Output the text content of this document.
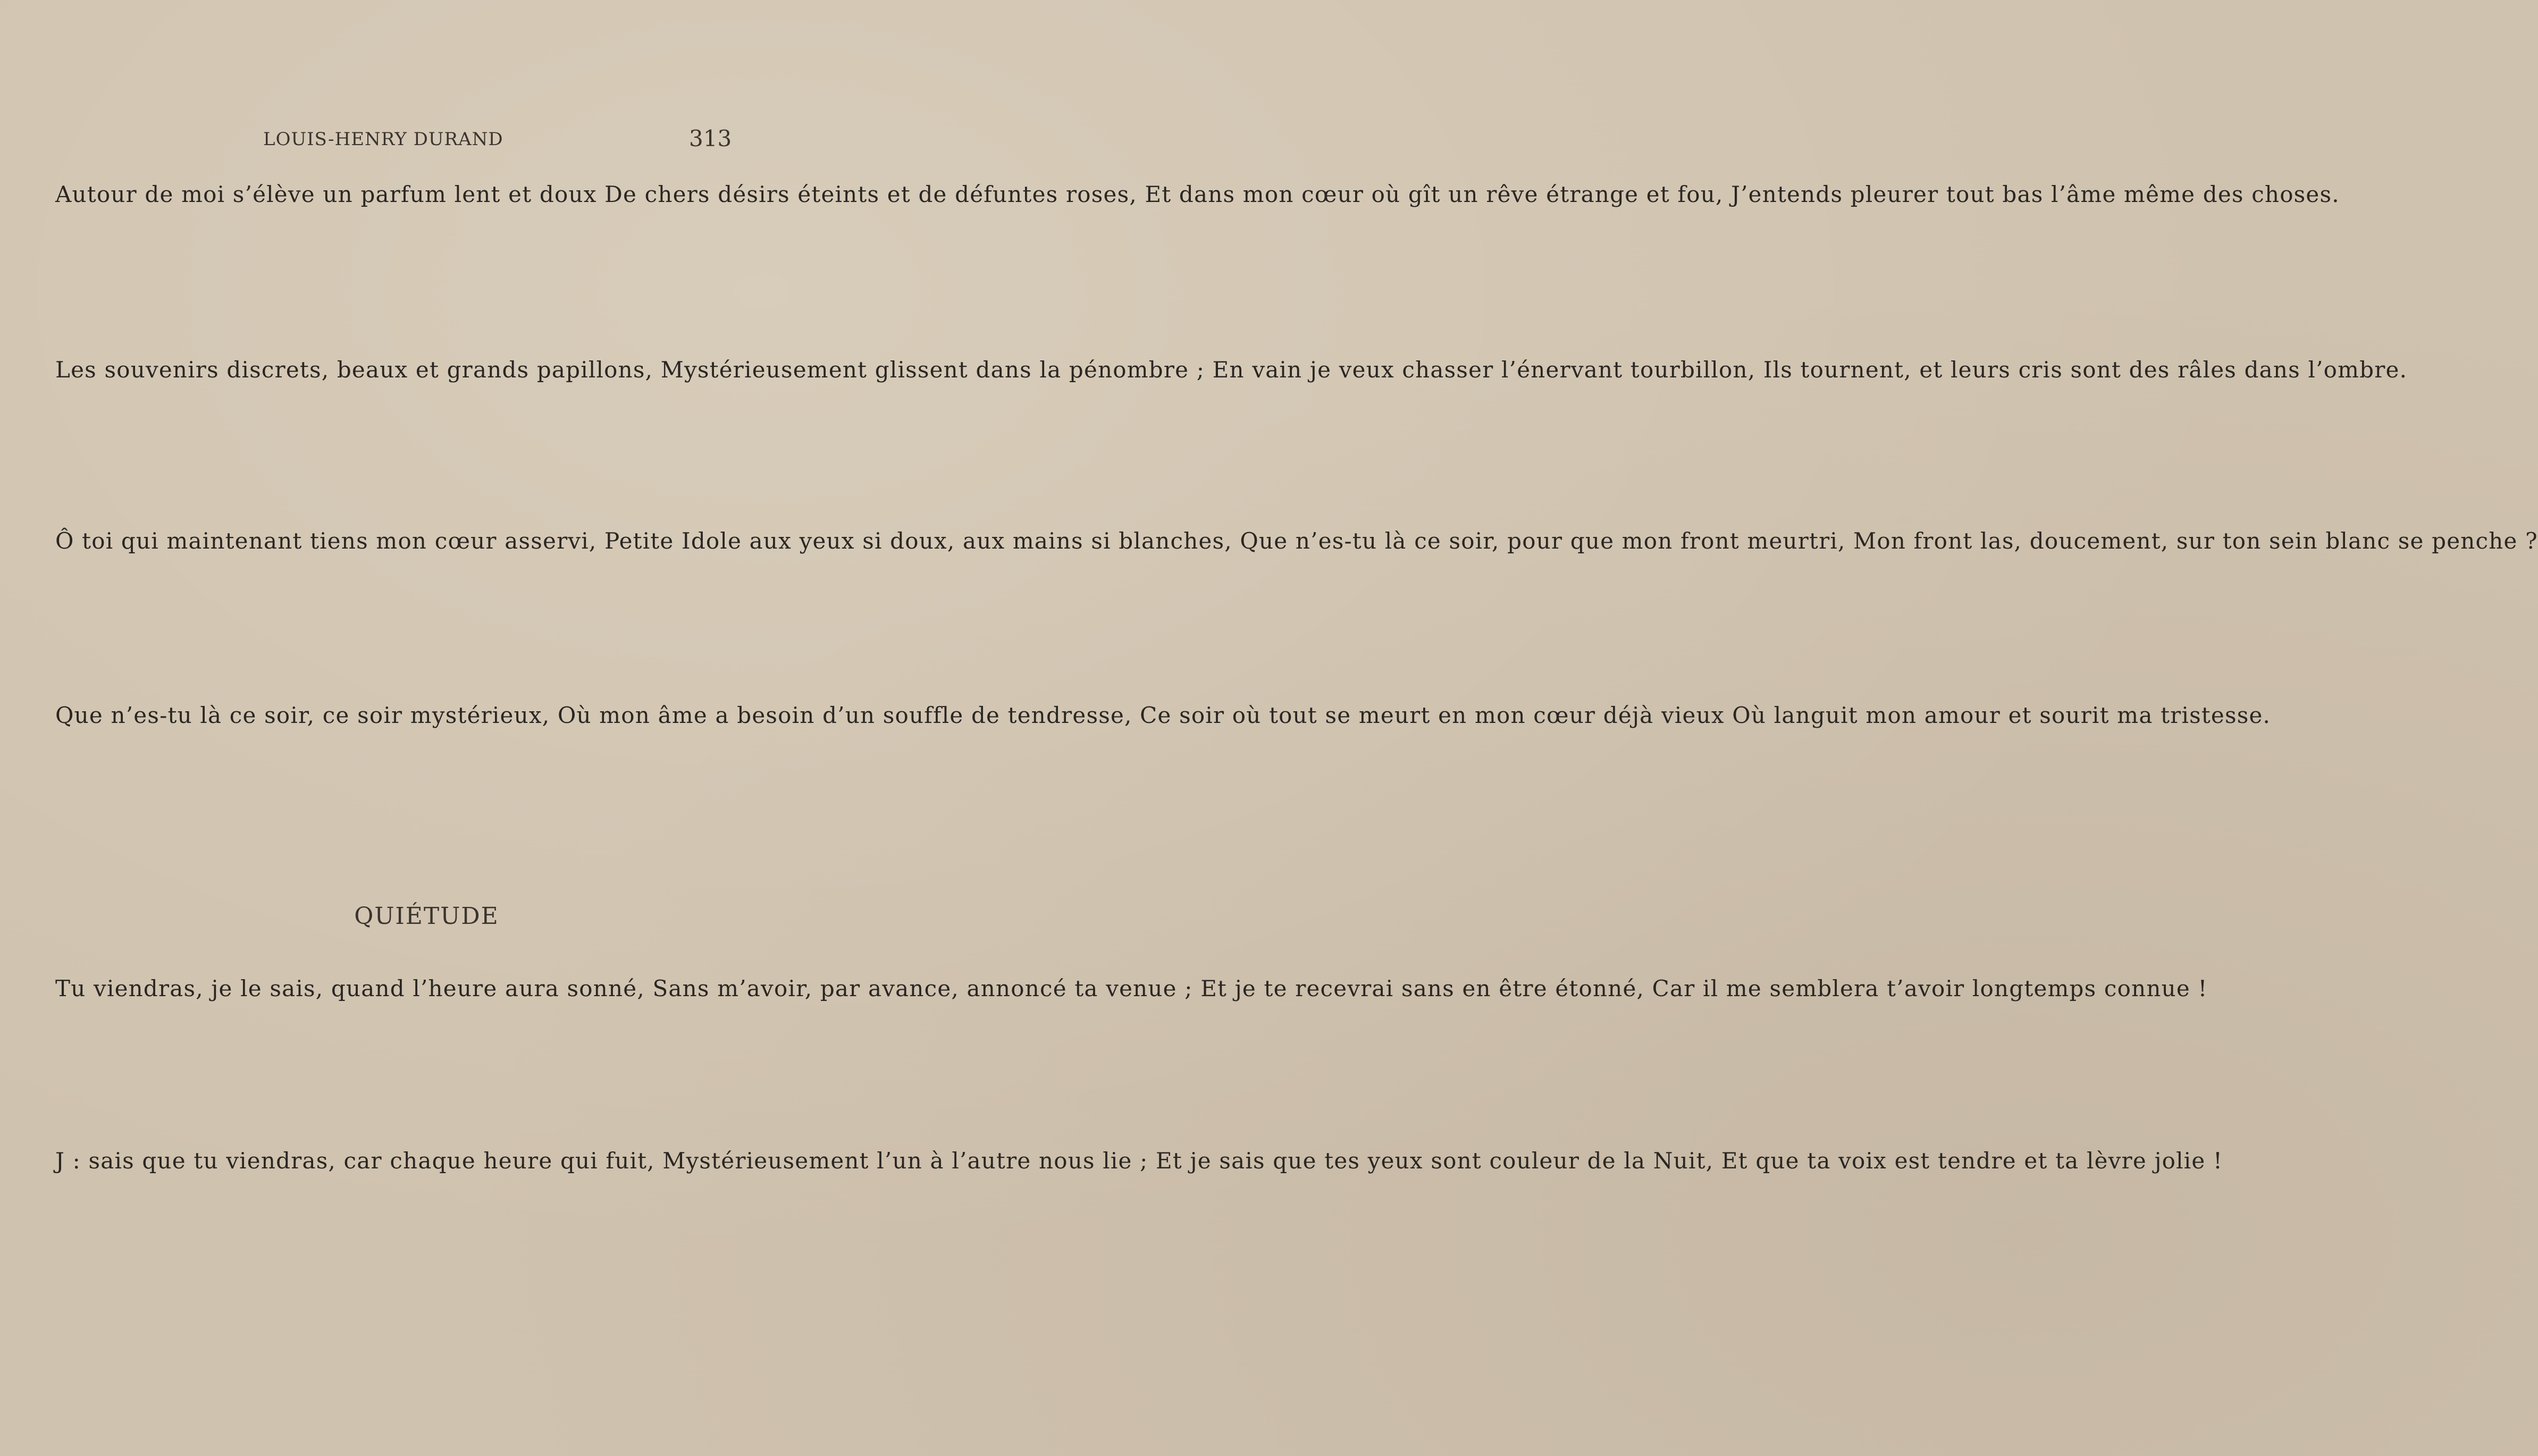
LOUIS-HENRY DURAND	313
Autour de moi s’élève un parfum lent et doux De chers désirs éteints et de défuntes roses, Et dans mon cœur où gît un rêve étrange et fou, J’entends pleurer tout bas l’âme même des choses.
Les souvenirs discrets, beaux et grands papillons, Mystérieusement glissent dans la pénombre ; En vain je veux chasser l’énervant tourbillon, Ils tournent, et leurs cris sont des râles dans l’ombre.
Ô toi qui maintenant tiens mon cœur asservi, Petite Idole aux yeux si doux, aux mains si blanches, Que n’es-tu là ce soir, pour que mon front meurtri, Mon front las, doucement, sur ton sein blanc se penche ?
Que n’es-tu là ce soir, ce soir mystérieux, Où mon âme a besoin d’un souffle de tendresse, Ce soir où tout se meurt en mon cœur déjà vieux Où languit mon amour et sourit ma tristesse.
QUIÉTUDE
Tu viendras, je le sais, quand l’heure aura sonné, Sans m’avoir, par avance, annoncé ta venue ; Et je te recevrai sans en être étonné, Car il me semblera t’avoir longtemps connue !
J : sais que tu viendras, car chaque heure qui fuit, Mystérieusement l’un à l’autre nous lie ; Et je sais que tes yeux sont couleur de la Nuit, Et que ta voix est tendre et ta lèvre jolie !
